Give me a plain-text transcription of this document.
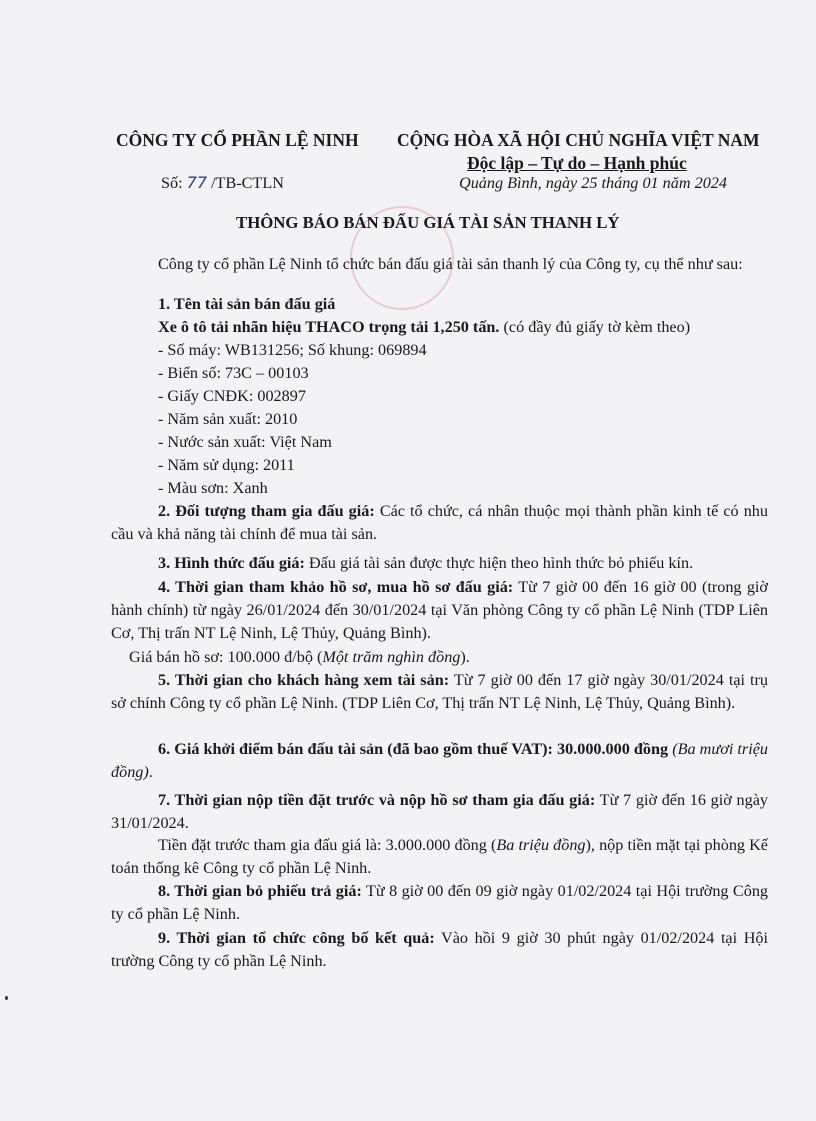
CÔNG TY CỔ PHẦN LỆ NINH CỘNG HÒA XÃ HỘI CHỦ NGHĨA VIỆT NAM
Độc lập – Tự do – Hạnh phúc
Số: 77 /TB-CTLN	Quảng Bình, ngày 25 tháng 01 năm 2024
THÔNG BÁO BÁN ĐẤU GIÁ TÀI SẢN THANH LÝ
Công ty cổ phần Lệ Ninh tổ chức bán đấu giá tài sản thanh lý của Công ty, cụ thể như sau:
1. Tên tài sản bán đấu giá
Xe ô tô tải nhãn hiệu THACO trọng tải 1,250 tấn. (có đầy đủ giấy tờ kèm theo)
- Số máy: WB131256; Số khung: 069894
- Biển số: 73C – 00103
- Giấy CNĐK: 002897
- Năm sản xuất: 2010
- Nước sản xuất: Việt Nam
- Năm sử dụng: 2011
- Màu sơn: Xanh
2. Đối tượng tham gia đấu giá: Các tổ chức, cá nhân thuộc mọi thành phần kinh tế có nhu cầu và khả năng tài chính để mua tài sản.
3. Hình thức đấu giá: Đấu giá tài sản được thực hiện theo hình thức bỏ phiếu kín.
4. Thời gian tham khảo hồ sơ, mua hồ sơ đấu giá: Từ 7 giờ 00 đến 16 giờ 00 (trong giờ hành chính) từ ngày 26/01/2024 đến 30/01/2024 tại Văn phòng Công ty cổ phần Lệ Ninh (TDP Liên Cơ, Thị trấn NT Lệ Ninh, Lệ Thủy, Quảng Bình).
Giá bán hồ sơ: 100.000 đ/bộ (Một trăm nghìn đồng).
5. Thời gian cho khách hàng xem tài sản: Từ 7 giờ 00 đến 17 giờ ngày 30/01/2024 tại trụ sở chính Công ty cổ phần Lệ Ninh. (TDP Liên Cơ, Thị trấn NT Lệ Ninh, Lệ Thủy, Quảng Bình).
6. Giá khởi điểm bán đấu tài sản (đã bao gồm thuế VAT): 30.000.000 đồng (Ba mươi triệu đồng).
7. Thời gian nộp tiền đặt trước và nộp hồ sơ tham gia đấu giá: Từ 7 giờ đến 16 giờ ngày 31/01/2024.
Tiền đặt trước tham gia đấu giá là: 3.000.000 đồng (Ba triệu đồng), nộp tiền mặt tại phòng Kế toán thống kê Công ty cổ phần Lệ Ninh.
8. Thời gian bỏ phiếu trả giá: Từ 8 giờ 00 đến 09 giờ ngày 01/02/2024 tại Hội trường Công ty cổ phần Lệ Ninh.
9. Thời gian tổ chức công bố kết quả: Vào hồi 9 giờ 30 phút ngày 01/02/2024 tại Hội trường Công ty cổ phần Lệ Ninh.
